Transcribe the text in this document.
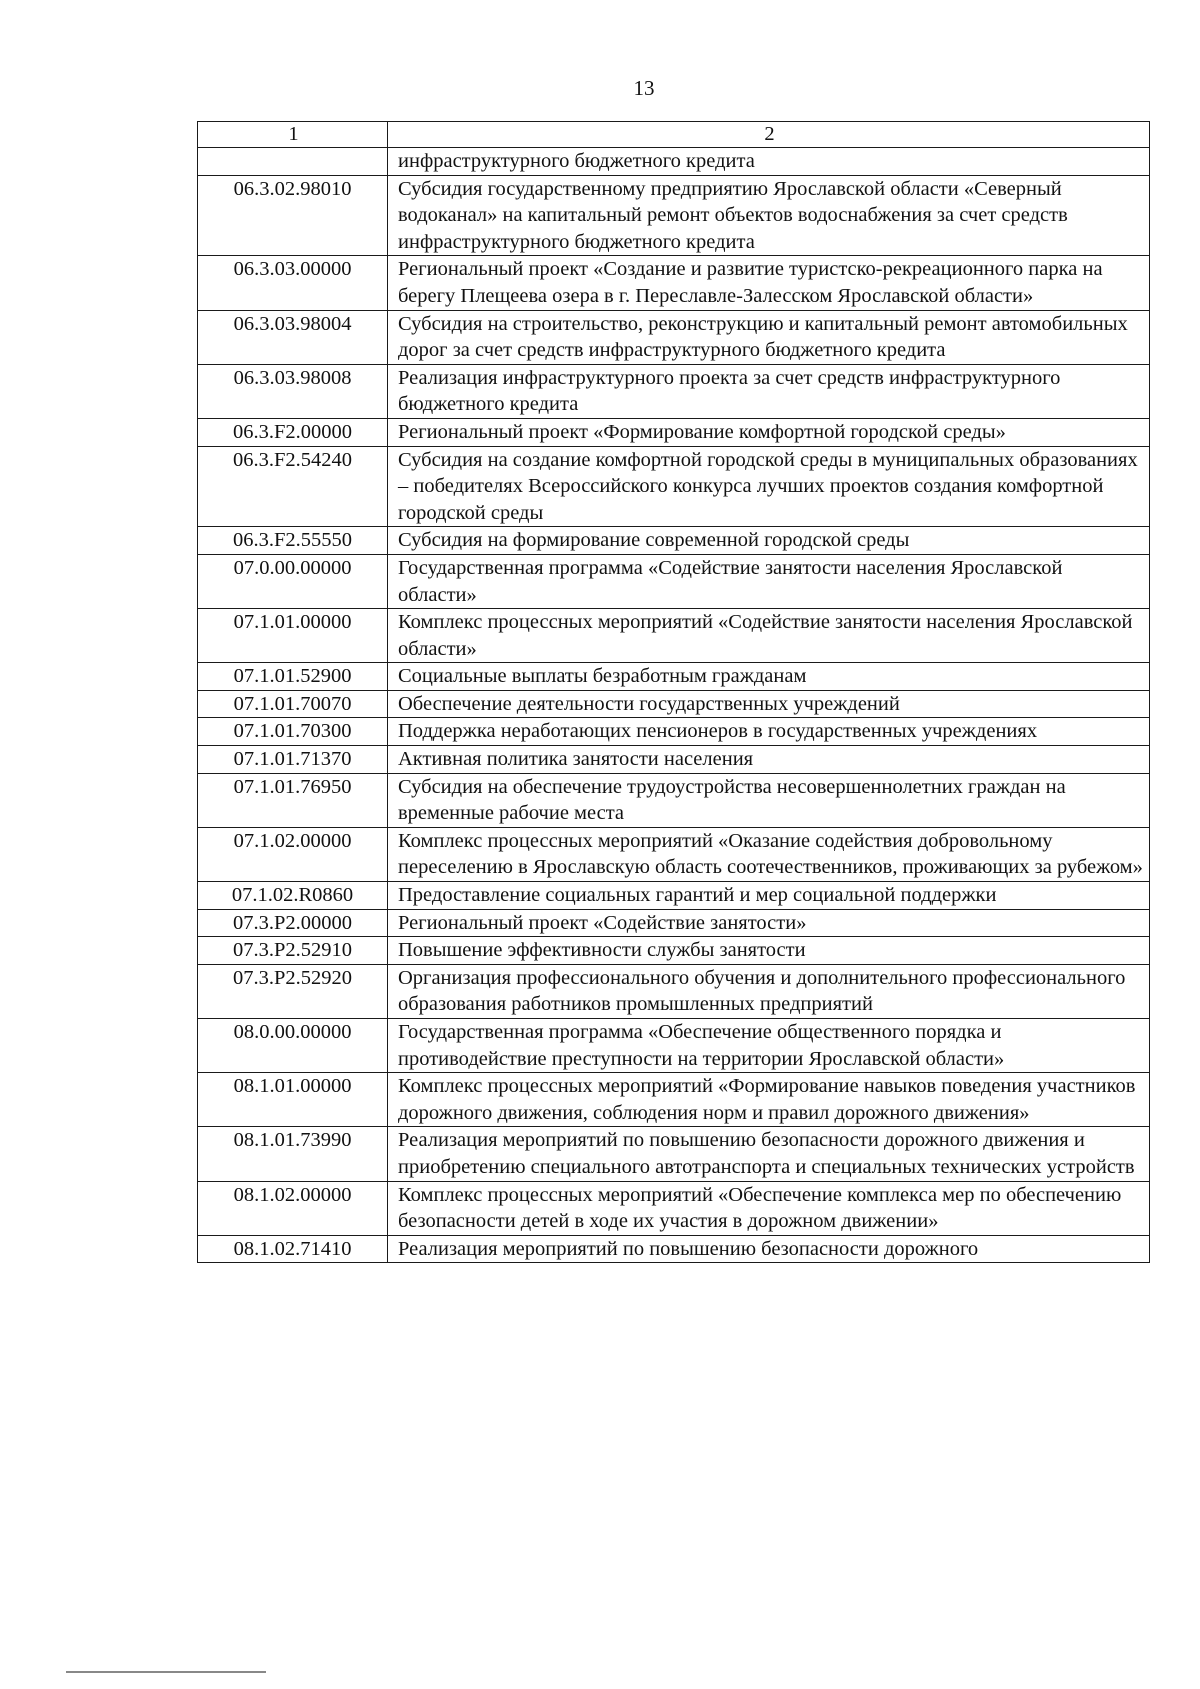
13
1	2
	инфраструктурного бюджетного кредита
06.3.02.98010	Субсидия государственному предприятию Ярославской области «Северный водоканал» на капитальный ремонт объектов водоснабжения за счет средств инфраструктурного бюджетного кредита
06.3.03.00000	Региональный проект «Создание и развитие туристско-рекреационного парка на берегу Плещеева озера в г. Переславле-Залесском Ярославской области»
06.3.03.98004	Субсидия на строительство, реконструкцию и капитальный ремонт автомобильных дорог за счет средств инфраструктурного бюджетного кредита
06.3.03.98008	Реализация инфраструктурного проекта за счет средств инфраструктурного бюджетного кредита
06.3.F2.00000	Региональный проект «Формирование комфортной городской среды»
06.3.F2.54240	Субсидия на создание комфортной городской среды в муниципальных образованиях – победителях Всероссийского конкурса лучших проектов создания комфортной городской среды
06.3.F2.55550	Субсидия на формирование современной городской среды
07.0.00.00000	Государственная программа «Содействие занятости населения Ярославской области»
07.1.01.00000	Комплекс процессных мероприятий «Содействие занятости населения Ярославской области»
07.1.01.52900	Социальные выплаты безработным гражданам
07.1.01.70070	Обеспечение деятельности государственных учреждений
07.1.01.70300	Поддержка неработающих пенсионеров в государственных учреждениях
07.1.01.71370	Активная политика занятости населения
07.1.01.76950	Субсидия на обеспечение трудоустройства несовершеннолетних граждан на временные рабочие места
07.1.02.00000	Комплекс процессных мероприятий «Оказание содействия добровольному переселению в Ярославскую область соотечественников, проживающих за рубежом»
07.1.02.R0860	Предоставление социальных гарантий и мер социальной поддержки
07.3.P2.00000	Региональный проект «Содействие занятости»
07.3.P2.52910	Повышение эффективности службы занятости
07.3.P2.52920	Организация профессионального обучения и дополнительного профессионального образования работников промышленных предприятий
08.0.00.00000	Государственная программа «Обеспечение общественного порядка и противодействие преступности на территории Ярославской области»
08.1.01.00000	Комплекс процессных мероприятий «Формирование навыков поведения участников дорожного движения, соблюдения норм и правил дорожного движения»
08.1.01.73990	Реализация мероприятий по повышению безопасности дорожного движения и приобретению специального автотранспорта и специальных технических устройств
08.1.02.00000	Комплекс процессных мероприятий «Обеспечение комплекса мер по обеспечению безопасности детей в ходе их участия в дорожном движении»
08.1.02.71410	Реализация мероприятий по повышению безопасности дорожного
